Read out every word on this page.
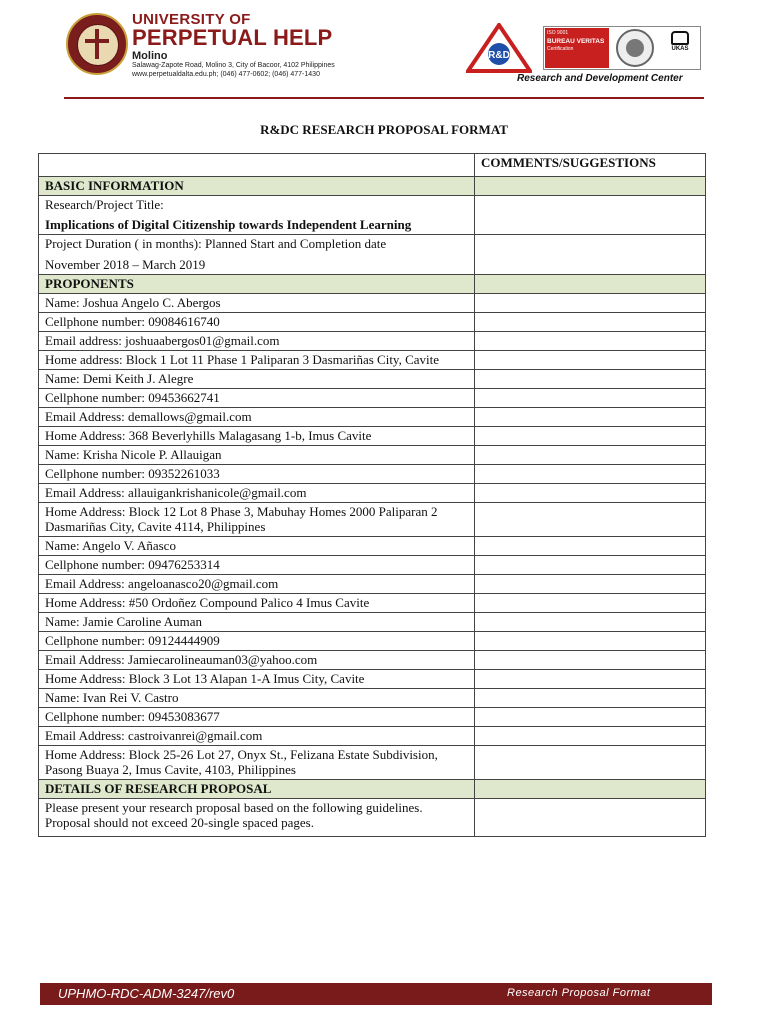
UNIVERSITY OF
PERPETUAL HELP
Molino
Salawag-Zapote Road, Molino 3, City of Bacoor, 4102 Philippines
www.perpetualdalta.edu.ph; (046) 477-0602; (046) 477-1430
R&D
ISO 9001
BUREAU VERITAS
Certification	UKAS
Research and Development Center
R&DC RESEARCH PROPOSAL FORMAT
	COMMENTS/SUGGESTIONS
BASIC INFORMATION	

Research/Project Title:
Implications of Digital Citizenship towards Independent Learning	

Project Duration ( in months): Planned Start and Completion date
November 2018 – March 2019	

PROPONENTS	
Name: Joshua Angelo C. Abergos	
Cellphone number: 09084616740	
Email address: joshuaabergos01@gmail.com	
Home address: Block 1 Lot 11 Phase 1 Paliparan 3 Dasmariñas City, Cavite	
Name: Demi Keith J. Alegre	
Cellphone number: 09453662741	
Email Address: demallows@gmail.com	
Home Address: 368 Beverlyhills Malagasang 1-b, Imus Cavite	
Name: Krisha Nicole P. Allauigan	
Cellphone number: 09352261033	
Email Address: allauigankrishanicole@gmail.com	
Home Address: Block 12 Lot 8 Phase 3, Mabuhay Homes 2000 Paliparan 2 Dasmariñas City, Cavite 4114, Philippines	
Name: Angelo V. Añasco	
Cellphone number: 09476253314	
Email Address: angeloanasco20@gmail.com	
Home Address: #50 Ordoñez Compound Palico 4 Imus Cavite	
Name: Jamie Caroline Auman	
Cellphone number: 09124444909	
Email Address: Jamiecarolineauman03@yahoo.com	
Home Address: Block 3 Lot 13 Alapan 1-A Imus City, Cavite	
Name: Ivan Rei V. Castro	
Cellphone number: 09453083677	
Email Address: castroivanrei@gmail.com	
Home Address: Block 25-26 Lot 27, Onyx St., Felizana Estate Subdivision, Pasong Buaya 2, Imus Cavite, 4103, Philippines	
DETAILS OF RESEARCH PROPOSAL	
Please present your research proposal based on the following guidelines. Proposal should not exceed 20-single spaced pages.	
UPHMO-RDC-ADM-3247/rev0	Research Proposal Format
